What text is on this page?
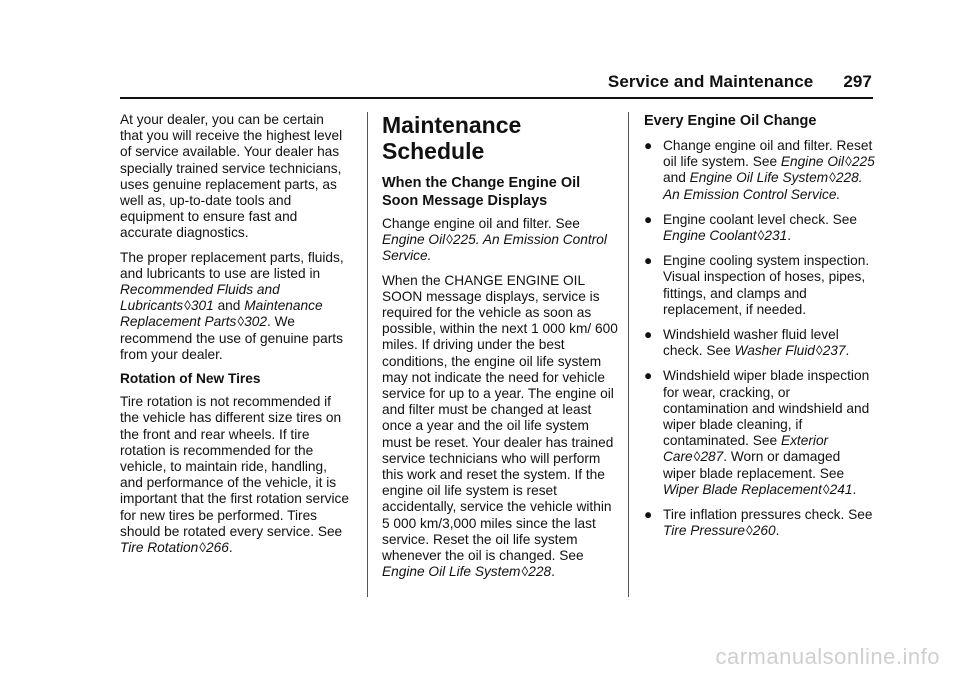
Service and Maintenance 297

At your dealer, you can be certain that you will receive the highest level of service available. Your dealer has specially trained service technicians, uses genuine replacement parts, as well as, up-to-date tools and equipment to ensure fast and accurate diagnostics.

The proper replacement parts, fluids, and lubricants to use are listed in Recommended Fluids and Lubricants◊301 and Maintenance Replacement Parts◊302. We recommend the use of genuine parts from your dealer.

Rotation of New Tires

Tire rotation is not recommended if the vehicle has different size tires on the front and rear wheels. If tire rotation is recommended for the vehicle, to maintain ride, handling, and performance of the vehicle, it is important that the first rotation service for new tires be performed. Tires should be rotated every service. See Tire Rotation◊266.

Maintenance Schedule
When the Change Engine Oil Soon Message Displays

Change engine oil and filter. See Engine Oil◊225. An Emission Control Service.

When the CHANGE ENGINE OIL SOON message displays, service is required for the vehicle as soon as possible, within the next 1 000 km/ 600 miles. If driving under the best conditions, the engine oil life system may not indicate the need for vehicle service for up to a year. The engine oil and filter must be changed at least once a year and the oil life system must be reset. Your dealer has trained service technicians who will perform this work and reset the system. If the engine oil life system is reset accidentally, service the vehicle within 5 000 km/3,000 miles since the last service. Reset the oil life system whenever the oil is changed. See Engine Oil Life System◊228.

Every Engine Oil Change
● Change engine oil and filter. Reset oil life system. See Engine Oil◊225 and Engine Oil Life System◊228. An Emission Control Service.
● Engine coolant level check. See Engine Coolant◊231.
● Engine cooling system inspection. Visual inspection of hoses, pipes, fittings, and clamps and replacement, if needed.
● Windshield washer fluid level check. See Washer Fluid◊237.
● Windshield wiper blade inspection for wear, cracking, or contamination and windshield and wiper blade cleaning, if contaminated. See Exterior Care◊287. Worn or damaged wiper blade replacement. See Wiper Blade Replacement◊241.
● Tire inflation pressures check. See Tire Pressure◊260.
carmanualsonline.info
